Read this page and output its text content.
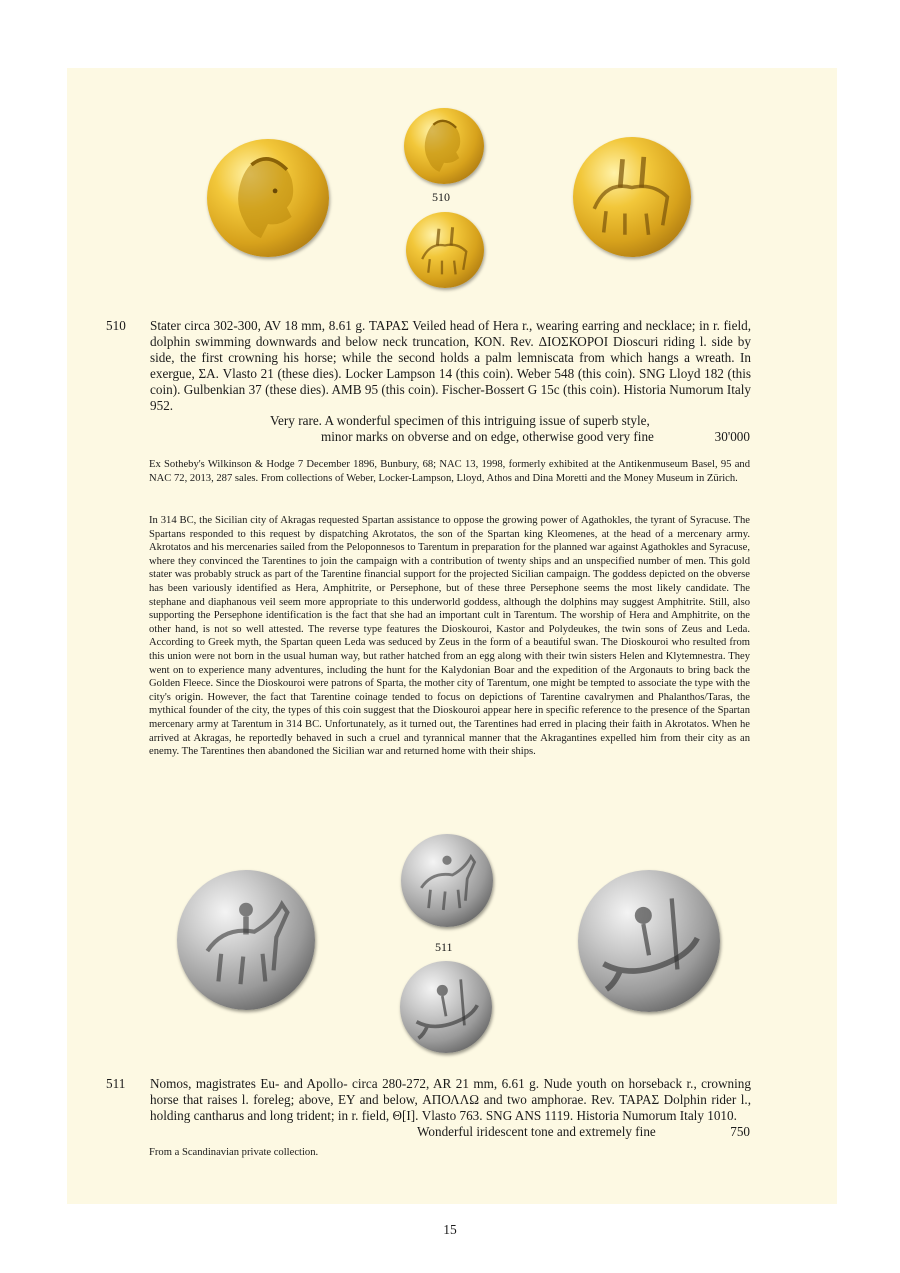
510
510 Stater circa 302-300, AV 18 mm, 8.61 g. ΤΑΡΑΣ Veiled head of Hera r., wearing earring and necklace; in r. field, dolphin swimming downwards and below neck truncation, ΚΟΝ. Rev. ΔΙΟΣΚΟΡΟΙ Dioscuri riding l. side by side, the first crowning his horse; while the second holds a palm lemniscata from which hangs a wreath. In exergue, ΣΑ. Vlasto 21 (these dies). Locker Lampson 14 (this coin). Weber 548 (this coin). SNG Lloyd 182 (this coin). Gulbenkian 37 (these dies). AMB 95 (this coin). Fischer-Bossert G 15c (this coin). Historia Numorum Italy 952.

Very rare. A wonderful specimen of this intriguing issue of superb style,
minor marks on obverse and on edge, otherwise good very fine	30'000

Ex Sotheby's Wilkinson & Hodge 7 December 1896, Bunbury, 68; NAC 13, 1998, formerly exhibited at the Antikenmuseum Basel, 95 and NAC 72, 2013, 287 sales. From collections of Weber, Locker-Lampson, Lloyd, Athos and Dina Moretti and the Money Museum in Zürich.

In 314 BC, the Sicilian city of Akragas requested Spartan assistance to oppose the growing power of Agathokles, the tyrant of Syracuse. The Spartans responded to this request by dispatching Akrotatos, the son of the Spartan king Kleomenes, at the head of a mercenary army. Akrotatos and his mercenaries sailed from the Peloponnesos to Tarentum in preparation for the planned war against Agathokles and Syracuse, where they convinced the Tarentines to join the campaign with a contribution of twenty ships and an unspecified number of men. This gold stater was probably struck as part of the Tarentine financial support for the projected Sicilian campaign. The goddess depicted on the obverse has been variously identified as Hera, Amphitrite, or Persephone, but of these three Persephone seems the most likely candidate. The stephane and diaphanous veil seem more appropriate to this underworld goddess, although the dolphins may suggest Amphitrite. Still, also supporting the Persephone identification is the fact that she had an important cult in Tarentum. The worship of Hera and Amphitrite, on the other hand, is not so well attested. The reverse type features the Dioskouroi, Kastor and Polydeukes, the twin sons of Zeus and Leda. According to Greek myth, the Spartan queen Leda was seduced by Zeus in the form of a beautiful swan. The Dioskouroi who resulted from this union were not born in the usual human way, but rather hatched from an egg along with their twin sisters Helen and Klytemnestra. They went on to experience many adventures, including the hunt for the Kalydonian Boar and the expedition of the Argonauts to bring back the Golden Fleece. Since the Dioskouroi were patrons of Sparta, the mother city of Tarentum, one might be tempted to associate the type with the city's origin. However, the fact that Tarentine coinage tended to focus on depictions of Tarentine cavalrymen and Phalanthos/Taras, the mythical founder of the city, the types of this coin suggest that the Dioskouroi appear here in specific reference to the presence of the Spartan mercenary army at Tarentum in 314 BC. Unfortunately, as it turned out, the Tarentines had erred in placing their faith in Akrotatos. When he arrived at Akragas, he reportedly behaved in such a cruel and tyrannical manner that the Akragantines expelled him from their city as an enemy. The Tarentines then abandoned the Sicilian war and returned home with their ships.

511
511 Nomos, magistrates Eu- and Apollo- circa 280-272, AR 21 mm, 6.61 g. Nude youth on horseback r., crowning horse that raises l. foreleg; above, ΕΥ and below, ΑΠΟΛΛΩ and two amphorae. Rev. ΤΑΡΑΣ Dolphin rider l., holding cantharus and long trident; in r. field, Θ[Ι]. Vlasto 763. SNG ANS 1119. Historia Numorum Italy 1010.

Wonderful iridescent tone and extremely fine	750

From a Scandinavian private collection.

15
